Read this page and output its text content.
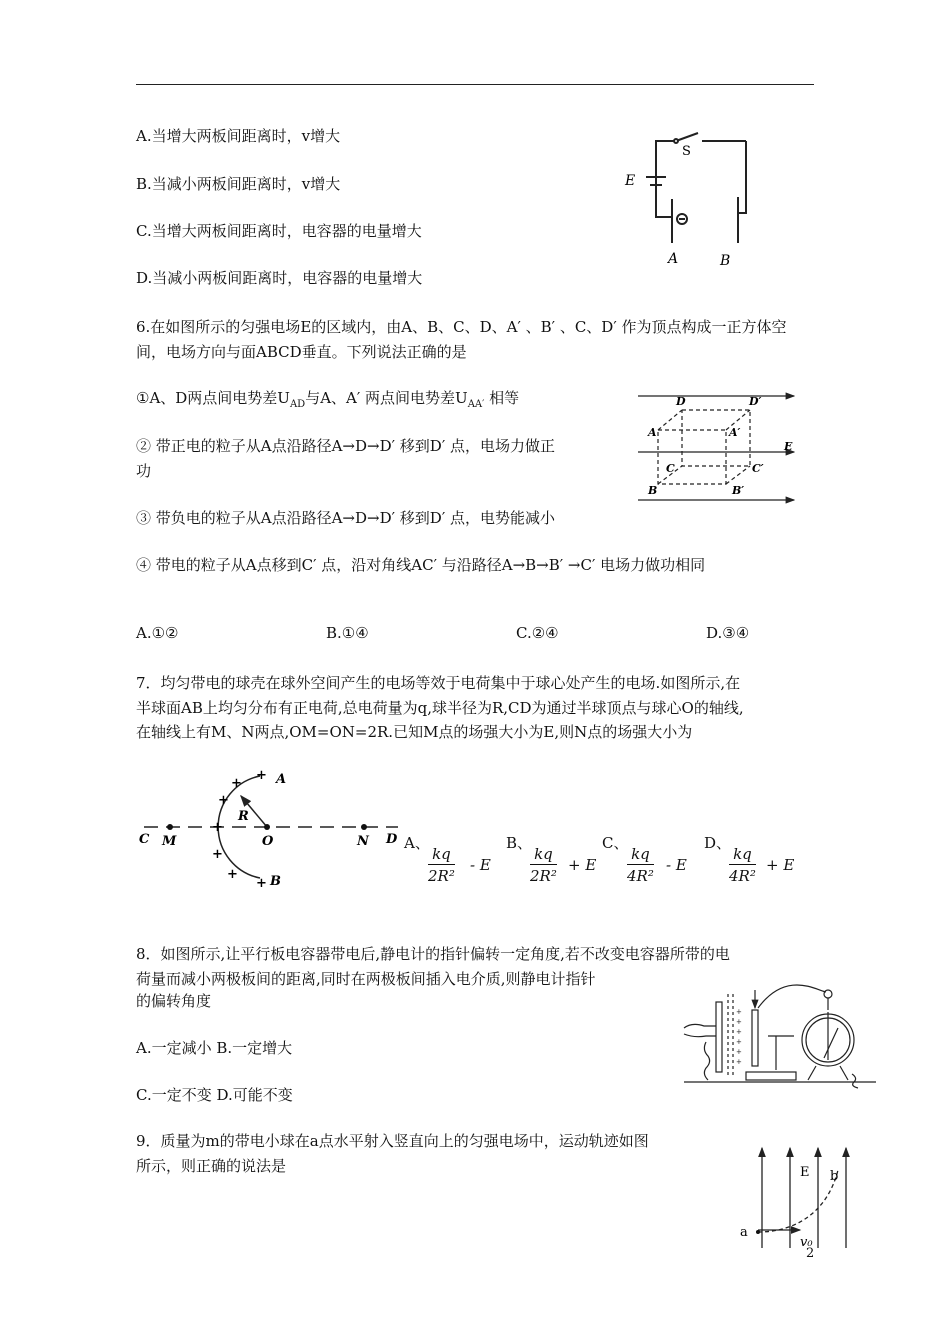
A.当增大两板间距离时，v增大
B.当减小两板间距离时，v增大
C.当增大两板间距离时，电容器的电量增大
D.当减小两板间距离时，电容器的电量增大
S
E
A	B
6.在如图所示的匀强电场E的区域内，由A、B、C、D、A′ 、B′ 、C、D′ 作为顶点构成一正方体空
间，电场方向与面ABCD垂直。下列说法正确的是
①A、D两点间电势差$U_{AD}$与A、A′ 两点间电势差$U_{AA'}$ 相等
② 带正电的粒子从A点沿路径A→D→D′ 移到D′ 点，电场力做正
功
③ 带负电的粒子从A点沿路径A→D→D′ 移到D′ 点，电势能减小
④ 带电的粒子从A点移到C′ 点，沿对角线AC′ 与沿路径A→B→B′ →C′ 电场力做功相同
A.①②	B.①④	C.②④	D.③④
D	D′
A	A′
E
C	C′
B	B′
7．均匀带电的球壳在球外空间产生的电场等效于电荷集中于球心处产生的电场.如图所示,在
半球面AB上均匀分布有正电荷,总电荷量为q,球半径为R,CD为通过半球顶点与球心O的轴线,
在轴线上有M、N两点,OM=ON=2R.已知M点的场强大小为E,则N点的场强大小为
A
B
R
C M	O	N D
+
+
+
+
+
+
+
A、
$\frac{kq}{\text{2R²}}$ - E
B、
$\frac{kq}{\text{2R²}} + E$
C、
$\frac{kq}{\text{4R²}}$ - E
D、
$\frac{kq}{\text{4R²}} + E$
8．如图所示,让平行板电容器带电后,静电计的指针偏转一定角度,若不改变电容器所带的电
荷量而减小两极板间的距离,同时在两极板间插入电介质,则静电计指针
的偏转角度
A.一定减小 B.一定增大
C.一定不变 D.可能不变
+
+
+
+
+
+
9．质量为m的带电小球在a点水平射入竖直向上的匀强电场中，运动轨迹如图
所示，则正确的说法是	E b
a
v₀
2
